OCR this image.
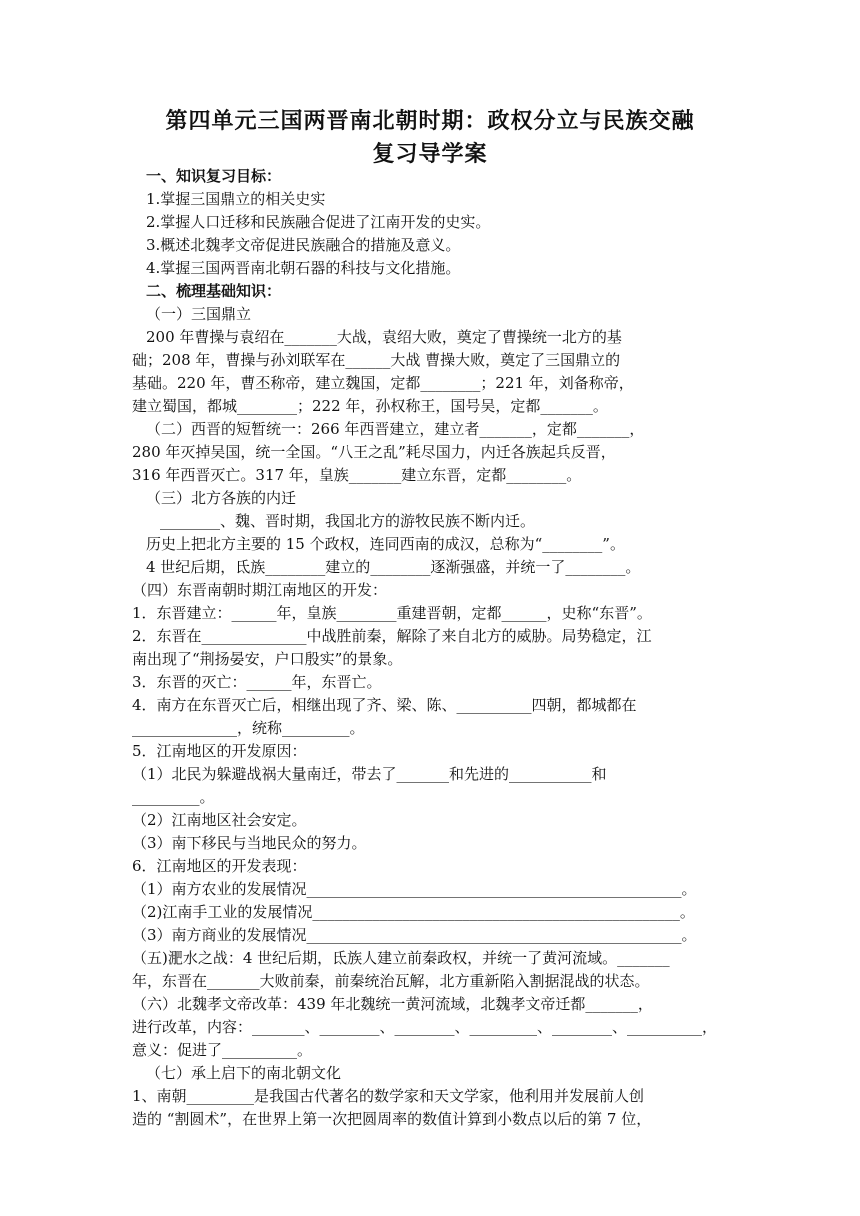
第四单元三国两晋南北朝时期：政权分立与民族交融
复习导学案
一、知识复习目标：
1.掌握三国鼎立的相关史实
2.掌握人口迁移和民族融合促进了江南开发的史实。
3.概述北魏孝文帝促进民族融合的措施及意义。
4.掌握三国两晋南北朝石器的科技与文化措施。
二、梳理基础知识：
（一）三国鼎立
200 年曹操与袁绍在_______大战，袁绍大败，奠定了曹操统一北方的基
础；208 年，曹操与孙刘联军在______大战 曹操大败，奠定了三国鼎立的
基础。220 年，曹丕称帝，建立魏国，定都________；221 年，刘备称帝，
建立蜀国，都城________；222 年，孙权称王，国号吴，定都_______。
（二）西晋的短暂统一：266 年西晋建立，建立者_______，定都_______，
280 年灭掉吴国，统一全国。“八王之乱”耗尽国力，内迁各族起兵反晋，
316 年西晋灭亡。317 年，皇族_______建立东晋，定都________。
（三）北方各族的内迁
________、魏、晋时期，我国北方的游牧民族不断内迁。
历史上把北方主要的 15 个政权，连同西南的成汉，总称为“________”。
4 世纪后期，氐族________建立的________逐渐强盛，并统一了________。
（四）东晋南朝时期江南地区的开发：
1．东晋建立：______年，皇族________重建晋朝，定都______，史称“东晋”。
2．东晋在______________中战胜前秦，解除了来自北方的威胁。局势稳定，江
南出现了“荆扬晏安，户口殷实”的景象。
3．东晋的灭亡：______年，东晋亡。
4．南方在东晋灭亡后，相继出现了齐、梁、陈、__________四朝，都城都在
______________，统称_________。
5．江南地区的开发原因：
（1）北民为躲避战祸大量南迁，带去了_______和先进的___________和
_________。
（2）江南地区社会安定。
（3）南下移民与当地民众的努力。
6．江南地区的开发表现：
（1）南方农业的发展情况__________________________________________________。
（2)江南手工业的发展情况_________________________________________________。
（3）南方商业的发展情况__________________________________________________。
（五)淝水之战：4 世纪后期，氐族人建立前秦政权，并统一了黄河流域。_______
年，东晋在_______大败前秦，前秦统治瓦解，北方重新陷入割据混战的状态。
（六）北魏孝文帝改革：439 年北魏统一黄河流域，北魏孝文帝迁都_______，
进行改革，内容：_______、________、________、_________、________、__________，
意义：促进了__________。
（七）承上启下的南北朝文化
1、南朝_________是我国古代著名的数学家和天文学家，他利用并发展前人创
造的 “割圆术”，在世界上第一次把圆周率的数值计算到小数点以后的第 7 位，
